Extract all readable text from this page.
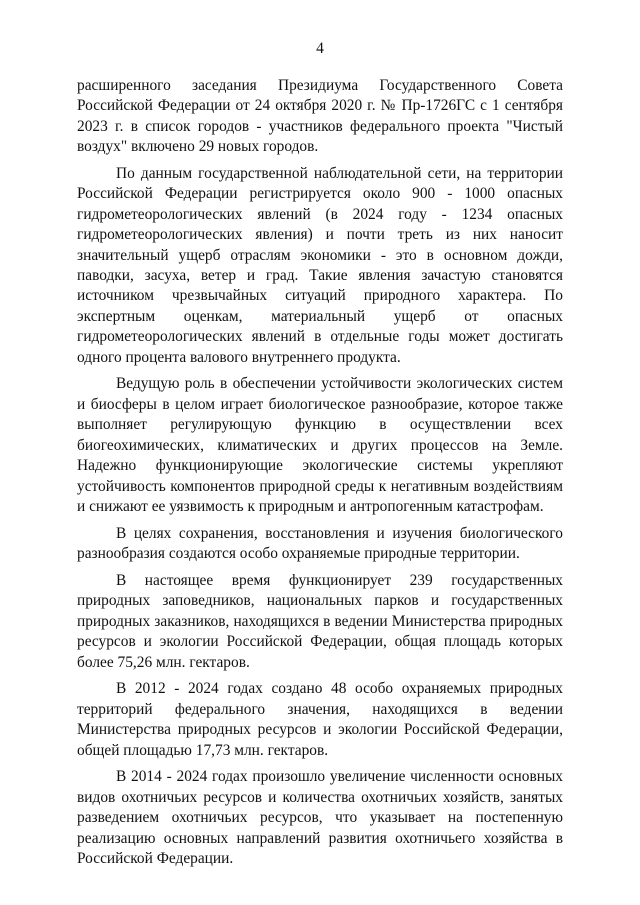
4

расширенного заседания Президиума Государственного Совета Российской Федерации от 24 октября 2020 г. № Пр-1726ГС с 1 сентября 2023 г. в список городов - участников федерального проекта "Чистый воздух" включено 29 новых городов.

По данным государственной наблюдательной сети, на территории Российской Федерации регистрируется около 900 - 1000 опасных гидрометеорологических явлений (в 2024 году - 1234 опасных гидрометеорологических явления) и почти треть из них наносит значительный ущерб отраслям экономики - это в основном дожди, паводки, засуха, ветер и град. Такие явления зачастую становятся источником чрезвычайных ситуаций природного характера. По экспертным оценкам, материальный ущерб от опасных гидрометеорологических явлений в отдельные годы может достигать одного процента валового внутреннего продукта.

Ведущую роль в обеспечении устойчивости экологических систем и биосферы в целом играет биологическое разнообразие, которое также выполняет регулирующую функцию в осуществлении всех биогеохимических, климатических и других процессов на Земле. Надежно функционирующие экологические системы укрепляют устойчивость компонентов природной среды к негативным воздействиям и снижают ее уязвимость к природным и антропогенным катастрофам.

В целях сохранения, восстановления и изучения биологического разнообразия создаются особо охраняемые природные территории.

В настоящее время функционирует 239 государственных природных заповедников, национальных парков и государственных природных заказников, находящихся в ведении Министерства природных ресурсов и экологии Российской Федерации, общая площадь которых более 75,26 млн. гектаров.

В 2012 - 2024 годах создано 48 особо охраняемых природных территорий федерального значения, находящихся в ведении Министерства природных ресурсов и экологии Российской Федерации, общей площадью 17,73 млн. гектаров.

В 2014 - 2024 годах произошло увеличение численности основных видов охотничьих ресурсов и количества охотничьих хозяйств, занятых разведением охотничьих ресурсов, что указывает на постепенную реализацию основных направлений развития охотничьего хозяйства в Российской Федерации.
